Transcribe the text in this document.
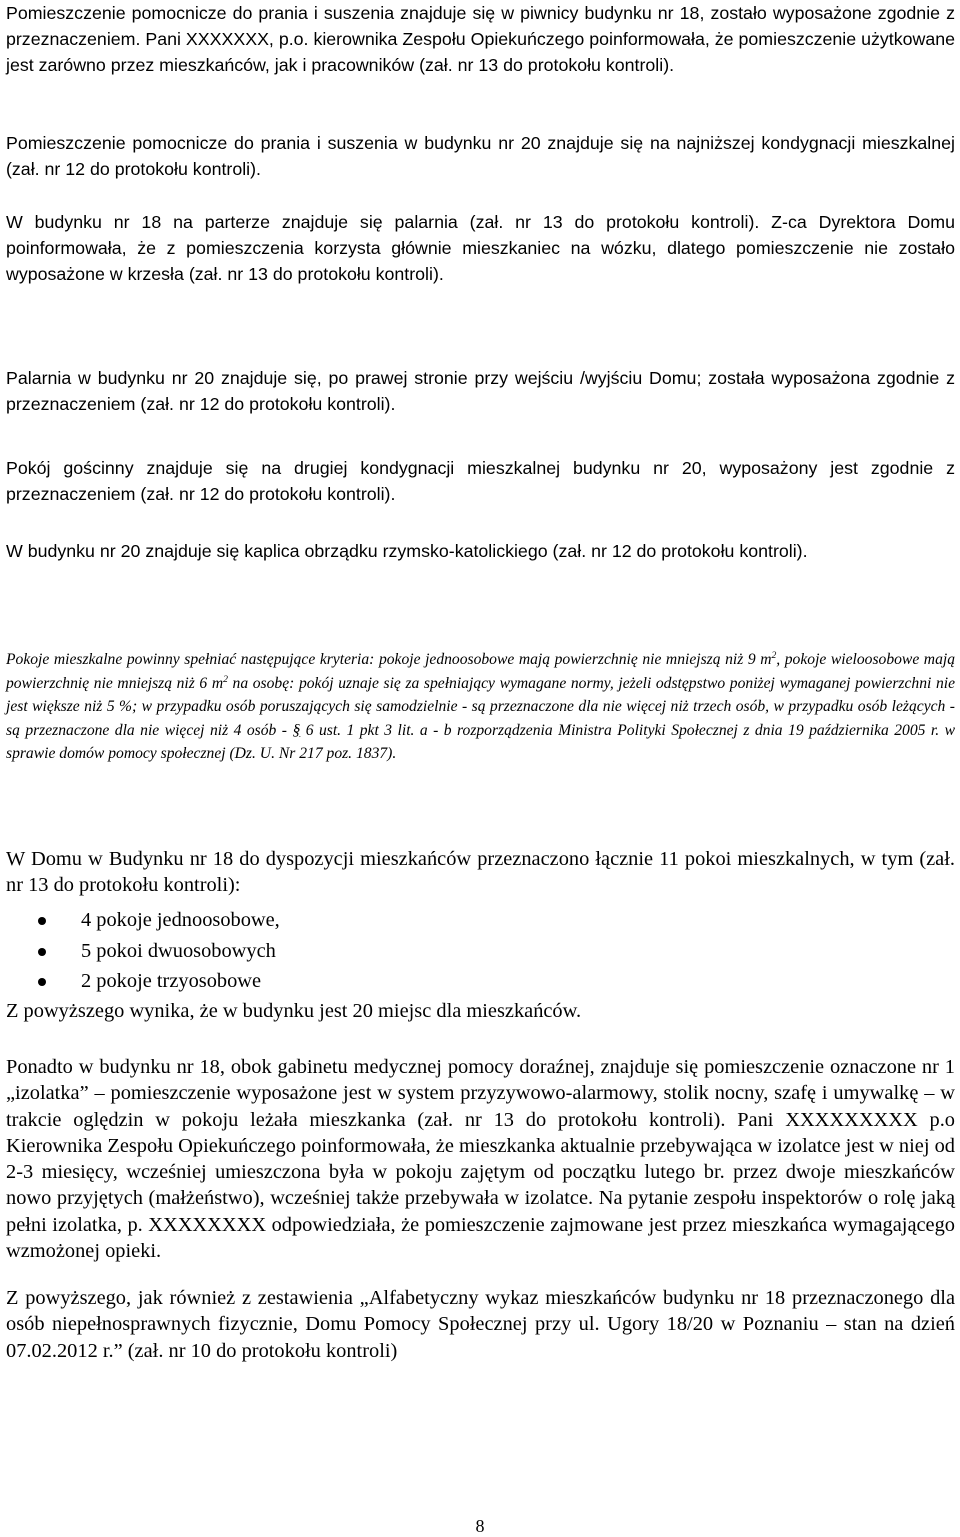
Pomieszczenie pomocnicze do prania i suszenia znajduje się w piwnicy budynku nr 18, zostało wyposażone zgodnie z przeznaczeniem. Pani XXXXXXX, p.o. kierownika Zespołu Opiekuńczego poinformowała, że pomieszczenie użytkowane jest zarówno przez mieszkańców, jak i pracowników (zał. nr 13 do protokołu kontroli).

Pomieszczenie pomocnicze do prania i suszenia w budynku nr 20 znajduje się na najniższej kondygnacji mieszkalnej (zał. nr 12 do protokołu kontroli).

W budynku nr 18 na parterze znajduje się palarnia (zał. nr 13 do protokołu kontroli). Z-ca Dyrektora Domu poinformowała, że z pomieszczenia korzysta głównie mieszkaniec na wózku, dlatego pomieszczenie nie zostało wyposażone w krzesła (zał. nr 13 do protokołu kontroli).

Palarnia w budynku nr 20 znajduje się, po prawej stronie przy wejściu /wyjściu Domu; została wyposażona zgodnie z przeznaczeniem (zał. nr 12 do protokołu kontroli).

Pokój gościnny znajduje się na drugiej kondygnacji mieszkalnej budynku nr 20, wyposażony jest zgodnie z przeznaczeniem (zał. nr 12 do protokołu kontroli).

W budynku nr 20 znajduje się kaplica obrządku rzymsko-katolickiego (zał. nr 12 do protokołu kontroli).

Pokoje mieszkalne powinny spełniać następujące kryteria: pokoje jednoosobowe mają powierzchnię nie mniejszą niż 9 $m^2$, pokoje wieloosobowe mają powierzchnię nie mniejszą niż 6 $m^2$ na osobę: pokój uznaje się za spełniający wymagane normy, jeżeli odstępstwo poniżej wymaganej powierzchni nie jest większe niż 5 %; w przypadku osób poruszających się samodzielnie - są przeznaczone dla nie więcej niż trzech osób, w przypadku osób leżących - są przeznaczone dla nie więcej niż 4 osób - § 6 ust. 1 pkt 3 lit. a - b rozporządzenia Ministra Polityki Społecznej z dnia 19 października 2005 r. w sprawie domów pomocy społecznej (Dz. U. Nr 217 poz. 1837).

W Domu w Budynku nr 18 do dyspozycji mieszkańców przeznaczono łącznie 11 pokoi mieszkalnych, w tym (zał. nr 13 do protokołu kontroli):

4 pokoje jednoosobowe,
5 pokoi dwuosobowych
2 pokoje trzyosobowe

Z powyższego wynika, że w budynku jest 20 miejsc dla mieszkańców.

Ponadto w budynku nr 18, obok gabinetu medycznej pomocy doraźnej, znajduje się pomieszczenie oznaczone nr 1 „izolatka” – pomieszczenie wyposażone jest w system przyzywowo-alarmowy, stolik nocny, szafę i umywalkę – w trakcie oględzin w pokoju leżała mieszkanka (zał. nr 13 do protokołu kontroli). Pani XXXXXXXXX p.o Kierownika Zespołu Opiekuńczego poinformowała, że mieszkanka aktualnie przebywająca w izolatce jest w niej od 2-3 miesięcy, wcześniej umieszczona była w pokoju zajętym od początku lutego br. przez dwoje mieszkańców nowo przyjętych (małżeństwo), wcześniej także przebywała w izolatce. Na pytanie zespołu inspektorów o rolę jaką pełni izolatka, p. XXXXXXXX odpowiedziała, że pomieszczenie zajmowane jest przez mieszkańca wymagającego wzmożonej opieki.

Z powyższego, jak również z zestawienia „Alfabetyczny wykaz mieszkańców budynku nr 18 przeznaczonego dla osób niepełnosprawnych fizycznie, Domu Pomocy Społecznej przy ul. Ugory 18/20 w Poznaniu – stan na dzień 07.02.2012 r.” (zał. nr 10 do protokołu kontroli)

8
